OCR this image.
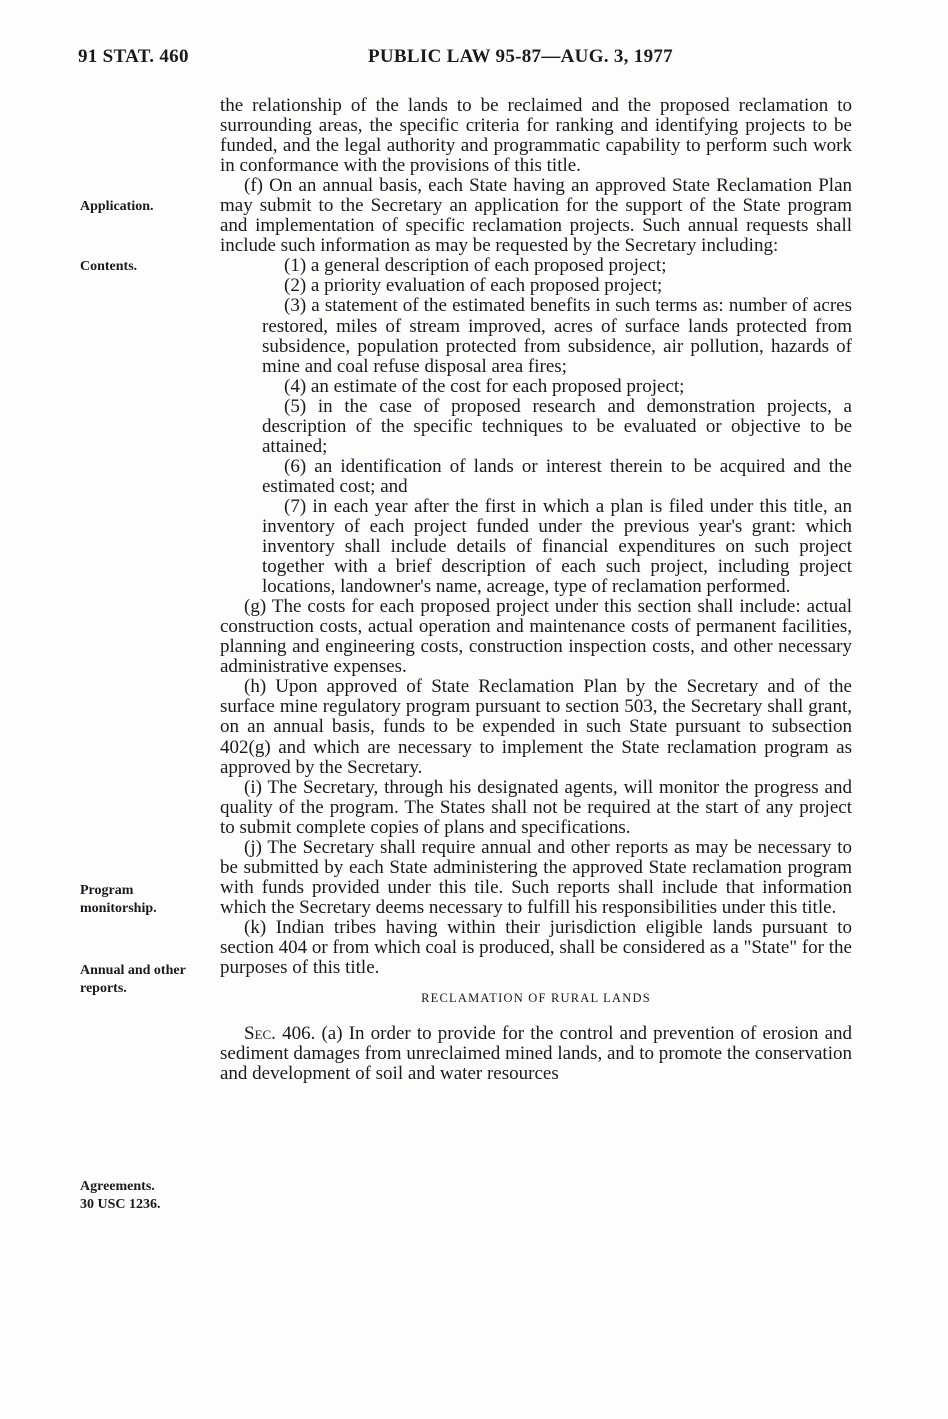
91 STAT. 460	PUBLIC LAW 95-87—AUG. 3, 1977
Application.
Contents.
Program
monitorship.
Annual and other
reports.
Agreements.
30 USC 1236.

the relationship of the lands to be reclaimed and the proposed reclamation to surrounding areas, the specific criteria for ranking and identifying projects to be funded, and the legal authority and programmatic capability to perform such work in conformance with the provisions of this title.

(f) On an annual basis, each State having an approved State Reclamation Plan may submit to the Secretary an application for the support of the State program and implementation of specific reclamation projects. Such annual requests shall include such information as may be requested by the Secretary including:

(1) a general description of each proposed project;

(2) a priority evaluation of each proposed project;

(3) a statement of the estimated benefits in such terms as: number of acres restored, miles of stream improved, acres of surface lands protected from subsidence, population protected from subsidence, air pollution, hazards of mine and coal refuse disposal area fires;

(4) an estimate of the cost for each proposed project;

(5) in the case of proposed research and demonstration projects, a description of the specific techniques to be evaluated or objective to be attained;

(6) an identification of lands or interest therein to be acquired and the estimated cost; and

(7) in each year after the first in which a plan is filed under this title, an inventory of each project funded under the previous year's grant: which inventory shall include details of financial expenditures on such project together with a brief description of each such project, including project locations, landowner's name, acreage, type of reclamation performed.

(g) The costs for each proposed project under this section shall include: actual construction costs, actual operation and maintenance costs of permanent facilities, planning and engineering costs, construction inspection costs, and other necessary administrative expenses.

(h) Upon approved of State Reclamation Plan by the Secretary and of the surface mine regulatory program pursuant to section 503, the Secretary shall grant, on an annual basis, funds to be expended in such State pursuant to subsection 402(g) and which are necessary to implement the State reclamation program as approved by the Secretary.

(i) The Secretary, through his designated agents, will monitor the progress and quality of the program. The States shall not be required at the start of any project to submit complete copies of plans and specifications.

(j) The Secretary shall require annual and other reports as may be necessary to be submitted by each State administering the approved State reclamation program with funds provided under this tile. Such reports shall include that information which the Secretary deems necessary to fulfill his responsibilities under this title.

(k) Indian tribes having within their jurisdiction eligible lands pursuant to section 404 or from which coal is produced, shall be considered as a "State" for the purposes of this title.

RECLAMATION OF RURAL LANDS

Sec. 406. (a) In order to provide for the control and prevention of erosion and sediment damages from unreclaimed mined lands, and to promote the conservation and development of soil and water resources
